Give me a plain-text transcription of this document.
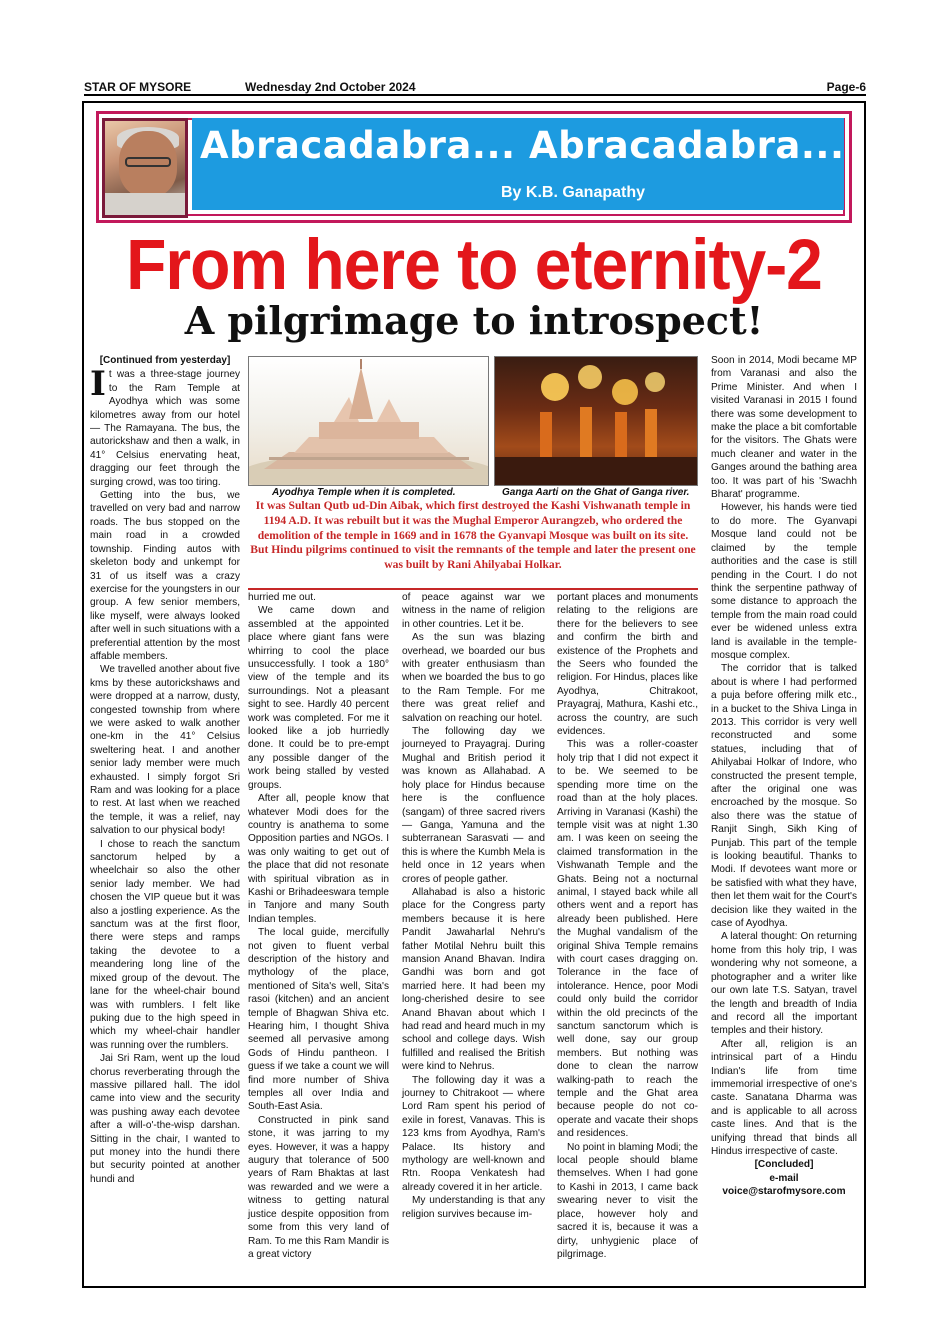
STAR OF MYSORE	Wednesday 2nd October 2024	Page-6
Abracadabra... Abracadabra...
By K.B. Ganapathy
From here to eternity-2
A pilgrimage to introspect!
[Continued from yesterday]

It was a three-stage journey to the Ram Temple at Ayodhya which was some kilometres away from our hotel — The Ramayana. The bus, the autorickshaw and then a walk, in 41° Celsius enervating heat, dragging our feet through the surging crowd, was too tiring.

Getting into the bus, we travelled on very bad and narrow roads. The bus stopped on the main road in a crowded township. Finding autos with skeleton body and unkempt for 31 of us itself was a crazy exercise for the youngsters in our group. A few senior members, like myself, were always looked after well in such situations with a preferential attention by the most affable members.

We travelled another about five kms by these autorickshaws and were dropped at a narrow, dusty, congested township from where we were asked to walk another one-km in the 41° Celsius sweltering heat. I and another senior lady member were much exhausted. I simply forgot Sri Ram and was looking for a place to rest. At last when we reached the temple, it was a relief, nay salvation to our physical body!

I chose to reach the sanctum sanctorum helped by a wheelchair so also the other senior lady member. We had chosen the VIP queue but it was also a jostling experience. As the sanctum was at the first floor, there were steps and ramps taking the devotee to a meandering long line of the mixed group of the devout. The lane for the wheel-chair bound was with rumblers. I felt like puking due to the high speed in which my wheel-chair handler was running over the rumblers.

Jai Sri Ram, went up the loud chorus reverberating through the massive pillared hall. The idol came into view and the security was pushing away each devotee after a will-o'-the-wisp darshan. Sitting in the chair, I wanted to put money into the hundi there but security pointed at another hundi and

Ayodhya Temple when it is completed.	Ganga Aarti on the Ghat of Ganga river.
It was Sultan Qutb ud-Din Aibak, which first destroyed the Kashi Vishwanath temple in 1194 A.D. It was rebuilt but it was the Mughal Emperor Aurangzeb, who ordered the demolition of the temple in 1669 and in 1678 the Gyanvapi Mosque was built on its site. But Hindu pilgrims continued to visit the remnants of the temple and later the present one was built by Rani Ahilyabai Holkar.

hurried me out.

We came down and assembled at the appointed place where giant fans were whirring to cool the place unsuccessfully. I took a 180° view of the temple and its surroundings. Not a pleasant sight to see. Hardly 40 percent work was completed. For me it looked like a job hurriedly done. It could be to pre-empt any possible danger of the work being stalled by vested groups.

After all, people know that whatever Modi does for the country is anathema to some Opposition parties and NGOs. I was only waiting to get out of the place that did not resonate with spiritual vibration as in Kashi or Brihadeeswara temple in Tanjore and many South Indian temples.

The local guide, mercifully not given to fluent verbal description of the history and mythology of the place, mentioned of Sita's well, Sita's rasoi (kitchen) and an ancient temple of Bhagwan Shiva etc. Hearing him, I thought Shiva seemed all pervasive among Gods of Hindu pantheon. I guess if we take a count we will find more number of Shiva temples all over India and South-East Asia.

Constructed in pink sand stone, it was jarring to my eyes. However, it was a happy augury that tolerance of 500 years of Ram Bhaktas at last was rewarded and we were a witness to getting natural justice despite opposition from some from this very land of Ram. To me this Ram Mandir is a great victory

of peace against war we witness in the name of religion in other countries. Let it be.

As the sun was blazing overhead, we boarded our bus with greater enthusiasm than when we boarded the bus to go to the Ram Temple. For me there was great relief and salvation on reaching our hotel.

The following day we journeyed to Prayagraj. During Mughal and British period it was known as Allahabad. A holy place for Hindus because here is the confluence (sangam) of three sacred rivers — Ganga, Yamuna and the subterranean Sarasvati — and this is where the Kumbh Mela is held once in 12 years when crores of people gather.

Allahabad is also a historic place for the Congress party members because it is here Pandit Jawaharlal Nehru's father Motilal Nehru built this mansion Anand Bhavan. Indira Gandhi was born and got married here. It had been my long-cherished desire to see Anand Bhavan about which I had read and heard much in my school and college days. Wish fulfilled and realised the British were kind to Nehrus.

The following day it was a journey to Chitrakoot — where Lord Ram spent his period of exile in forest, Vanavas. This is 123 kms from Ayodhya, Ram's Palace. Its history and mythology are well-known and Rtn. Roopa Venkatesh had already covered it in her article.

My understanding is that any religion survives because im-

portant places and monuments relating to the religions are there for the believers to see and confirm the birth and existence of the Prophets and the Seers who founded the religion. For Hindus, places like Ayodhya, Chitrakoot, Prayagraj, Mathura, Kashi etc., across the country, are such evidences.

This was a roller-coaster holy trip that I did not expect it to be. We seemed to be spending more time on the road than at the holy places. Arriving in Varanasi (Kashi) the temple visit was at night 1.30 am. I was keen on seeing the claimed transformation in the Vishwanath Temple and the Ghats. Being not a nocturnal animal, I stayed back while all others went and a report has already been published. Here the Mughal vandalism of the original Shiva Temple remains with court cases dragging on. Tolerance in the face of intolerance. Hence, poor Modi could only build the corridor within the old precincts of the sanctum sanctorum which is well done, say our group members. But nothing was done to clean the narrow walking-path to reach the temple and the Ghat area because people do not co-operate and vacate their shops and residences.

No point in blaming Modi; the local people should blame themselves. When I had gone to Kashi in 2013, I came back swearing never to visit the place, however holy and sacred it is, because it was a dirty, unhygienic place of pilgrimage.

Soon in 2014, Modi became MP from Varanasi and also the Prime Minister. And when I visited Varanasi in 2015 I found there was some development to make the place a bit comfortable for the visitors. The Ghats were much cleaner and water in the Ganges around the bathing area too. It was part of his 'Swachh Bharat' programme.

However, his hands were tied to do more. The Gyanvapi Mosque land could not be claimed by the temple authorities and the case is still pending in the Court. I do not think the serpentine pathway of some distance to approach the temple from the main road could ever be widened unless extra land is available in the temple-mosque complex.

The corridor that is talked about is where I had performed a puja before offering milk etc., in a bucket to the Shiva Linga in 2013. This corridor is very well reconstructed and some statues, including that of Ahilyabai Holkar of Indore, who constructed the present temple, after the original one was encroached by the mosque. So also there was the statue of Ranjit Singh, Sikh King of Punjab. This part of the temple is looking beautiful. Thanks to Modi. If devotees want more or be satisfied with what they have, then let them wait for the Court's decision like they waited in the case of Ayodhya.

A lateral thought: On returning home from this holy trip, I was wondering why not someone, a photographer and a writer like our own late T.S. Satyan, travel the length and breadth of India and record all the important temples and their history.

After all, religion is an intrinsical part of a Hindu Indian's life from time immemorial irrespective of one's caste. Sanatana Dharma was and is applicable to all across caste lines. And that is the unifying thread that binds all Hindus irrespective of caste.

[Concluded]

e-mail

voice@starofmysore.com
